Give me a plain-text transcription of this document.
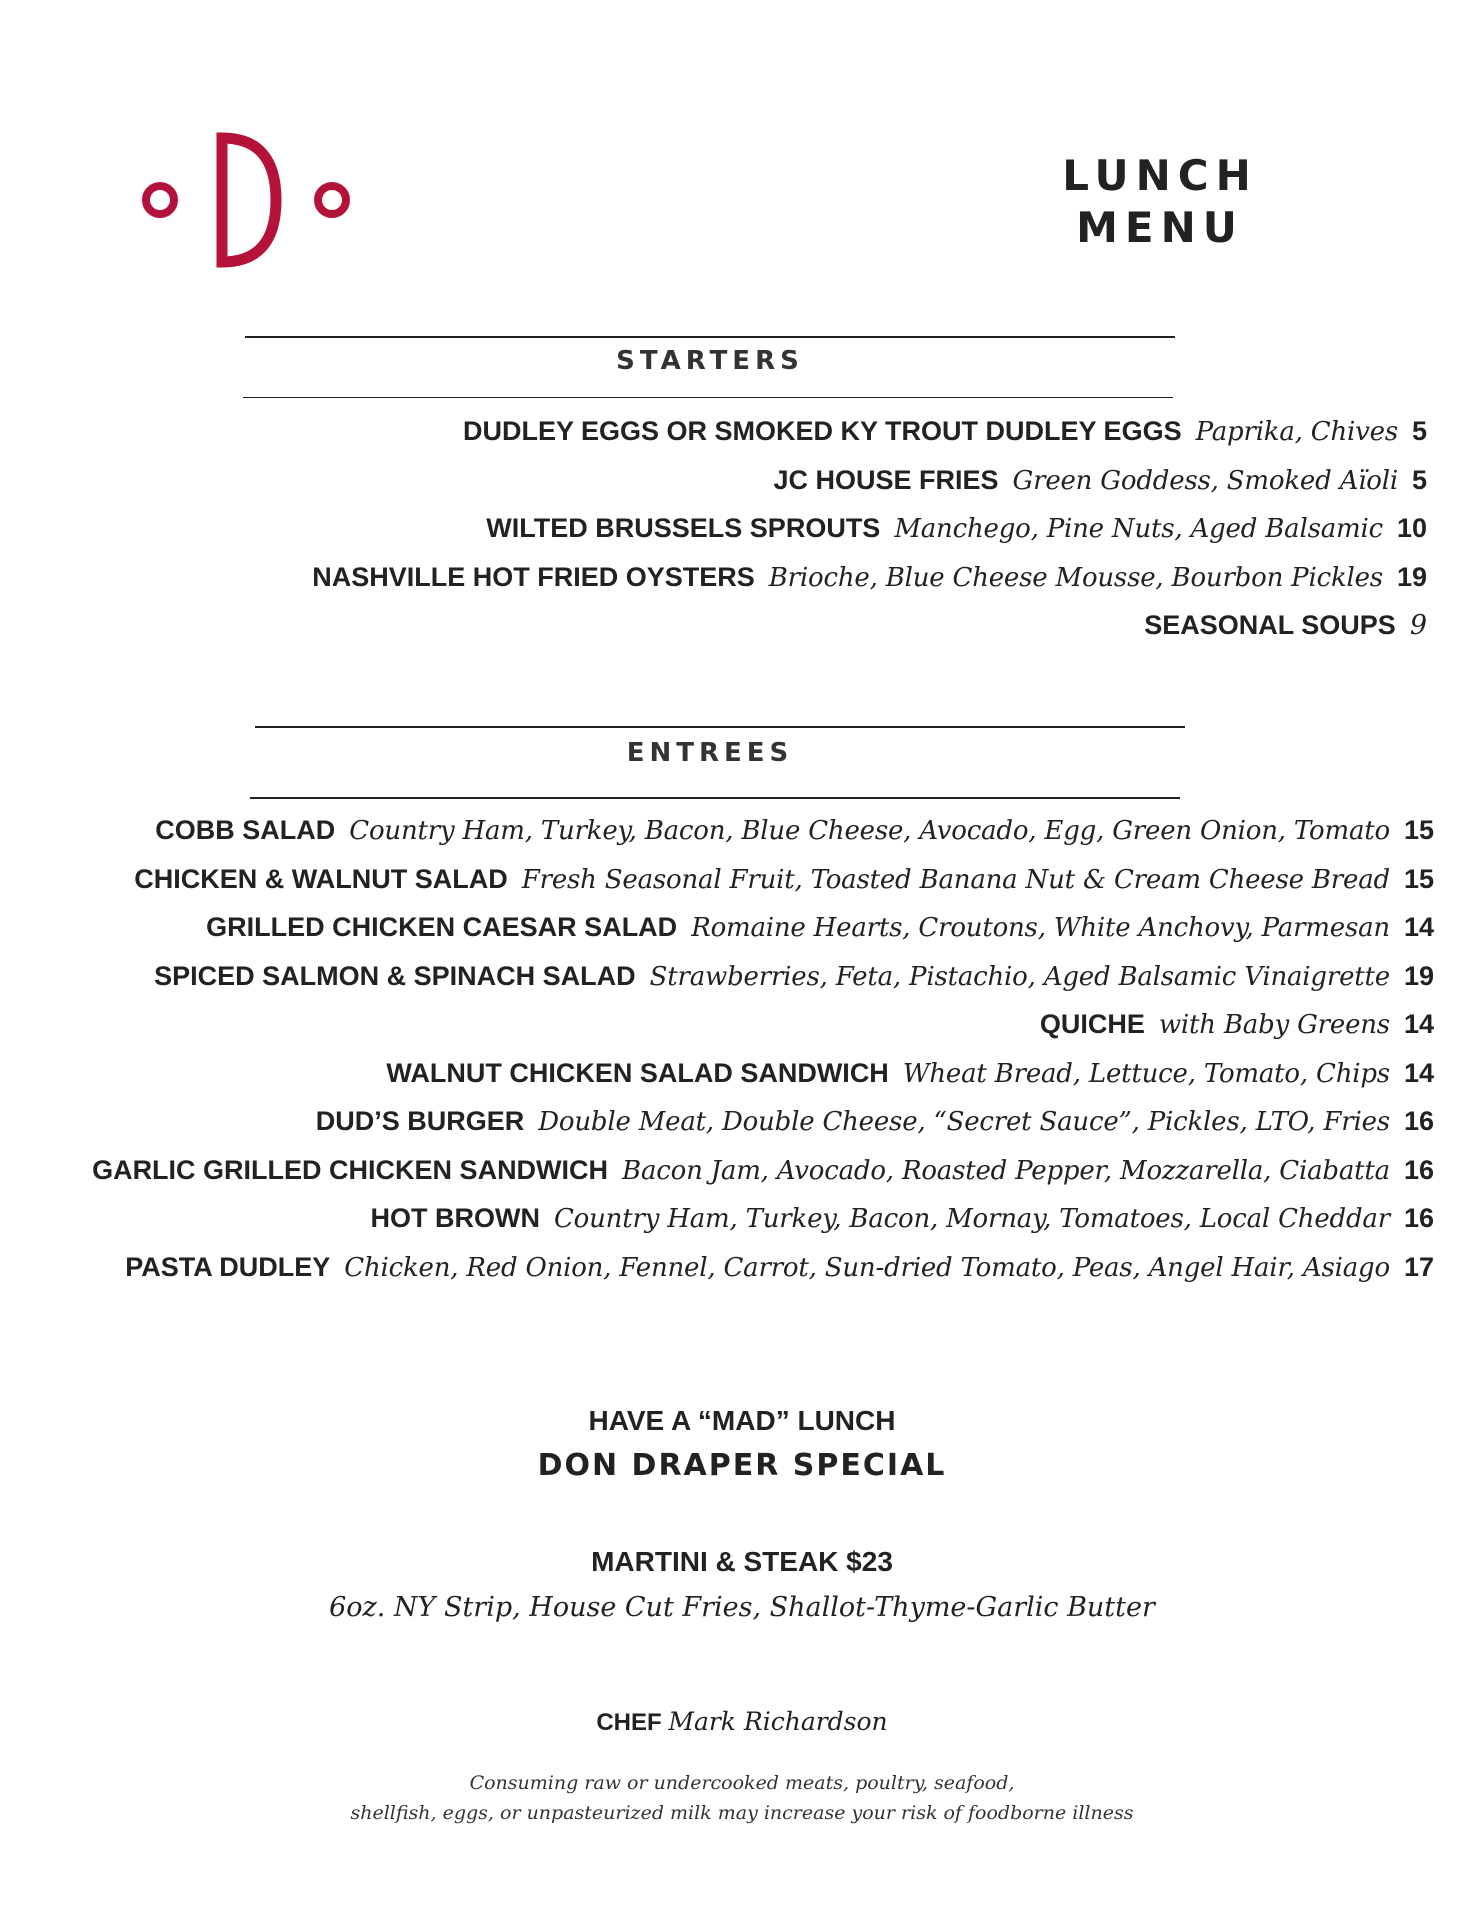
LUNCH
MENU
STARTERS
DUDLEY EGGS OR SMOKED KY TROUT DUDLEY EGGS Paprika, Chives 5
JC HOUSE FRIES Green Goddess, Smoked Aïoli 5
WILTED BRUSSELS SPROUTS Manchego, Pine Nuts, Aged Balsamic 10
NASHVILLE HOT FRIED OYSTERS Brioche, Blue Cheese Mousse, Bourbon Pickles 19
SEASONAL SOUPS 9
ENTREES
COBB SALAD Country Ham, Turkey, Bacon, Blue Cheese, Avocado, Egg, Green Onion, Tomato 15
CHICKEN & WALNUT SALAD Fresh Seasonal Fruit, Toasted Banana Nut & Cream Cheese Bread 15
GRILLED CHICKEN CAESAR SALAD Romaine Hearts, Croutons, White Anchovy, Parmesan 14
SPICED SALMON & SPINACH SALAD Strawberries, Feta, Pistachio, Aged Balsamic Vinaigrette 19
QUICHE with Baby Greens 14
WALNUT CHICKEN SALAD SANDWICH Wheat Bread, Lettuce, Tomato, Chips 14
DUD’S BURGER Double Meat, Double Cheese, “Secret Sauce”, Pickles, LTO, Fries 16
GARLIC GRILLED CHICKEN SANDWICH Bacon Jam, Avocado, Roasted Pepper, Mozzarella, Ciabatta 16
HOT BROWN Country Ham, Turkey, Bacon, Mornay, Tomatoes, Local Cheddar 16
PASTA DUDLEY Chicken, Red Onion, Fennel, Carrot, Sun-dried Tomato, Peas, Angel Hair, Asiago 17
HAVE A “MAD” LUNCH
DON DRAPER SPECIAL
MARTINI & STEAK $23
6oz. NY Strip, House Cut Fries, Shallot-Thyme-Garlic Butter
CHEF Mark Richardson
Consuming raw or undercooked meats, poultry, seafood,
shellfish, eggs, or unpasteurized milk may increase your risk of foodborne illness
